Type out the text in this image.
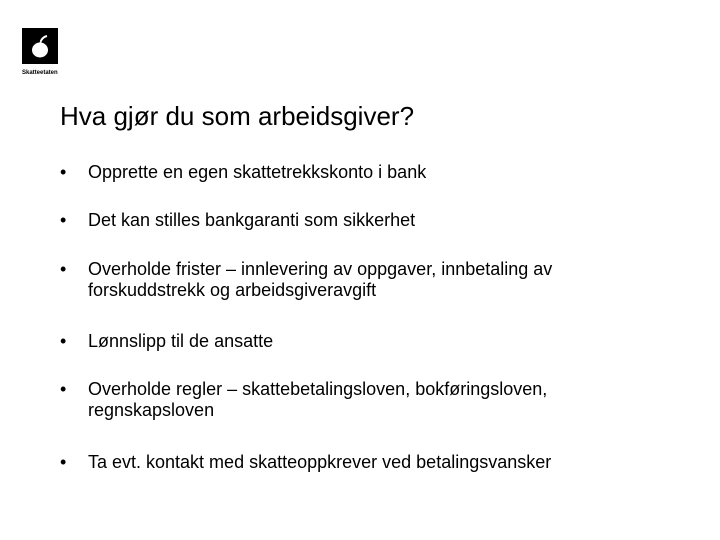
Skatteetaten
Hva gjør du som arbeidsgiver?
• Opprette en egen skattetrekkskonto i bank
• Det kan stilles bankgaranti som sikkerhet
• Overholde frister – innlevering av oppgaver, innbetaling av
forskuddstrekk og arbeidsgiveravgift
• Lønnslipp til de ansatte
• Overholde regler – skattebetalingsloven, bokføringsloven,
regnskapsloven
• Ta evt. kontakt med skatteoppkrever ved betalingsvansker
